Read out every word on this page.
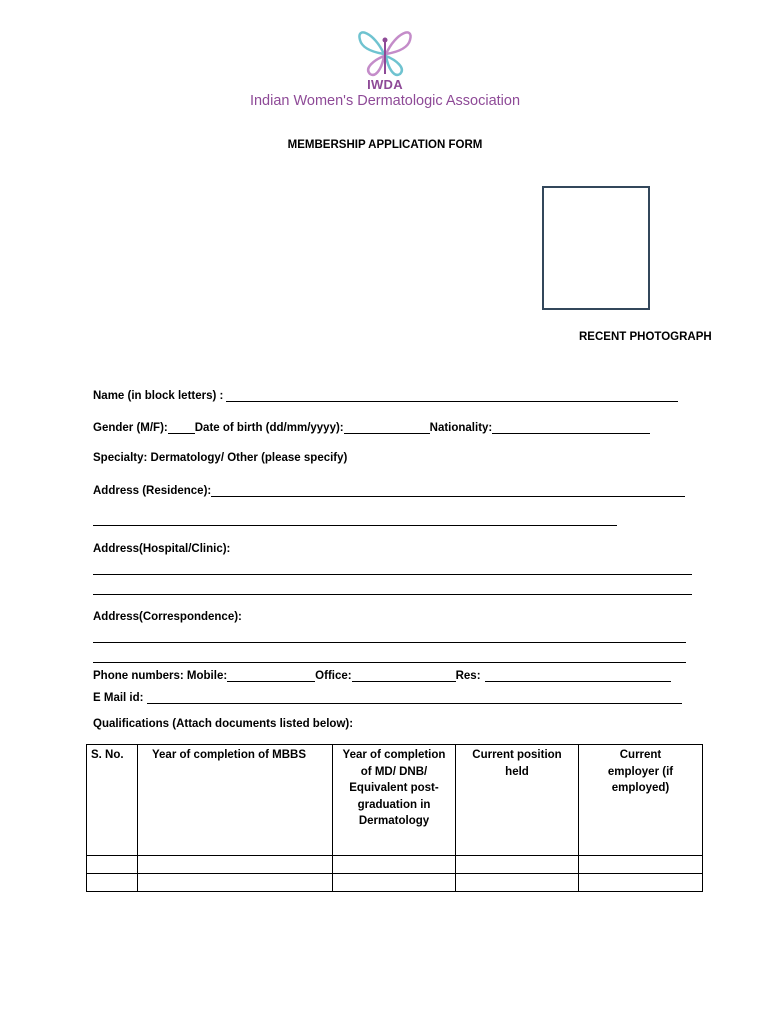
IWDA
Indian Women's Dermatologic Association
MEMBERSHIP APPLICATION FORM
RECENT PHOTOGRAPH
Name (in block letters) :
Gender (M/F): Date of birth (dd/mm/yyyy):	Nationality:
Specialty: Dermatology/ Other (please specify)
Address (Residence):
Address(Hospital/Clinic):
Address(Correspondence):
Phone numbers: Mobile:	Office:	Res:
E Mail id:
Qualifications (Attach documents listed below):
S. No.	Year of completion of MBBS	Year of completion of MD/ DNB/ Equivalent post-graduation in Dermatology	Current position held	Current employer (if employed)
